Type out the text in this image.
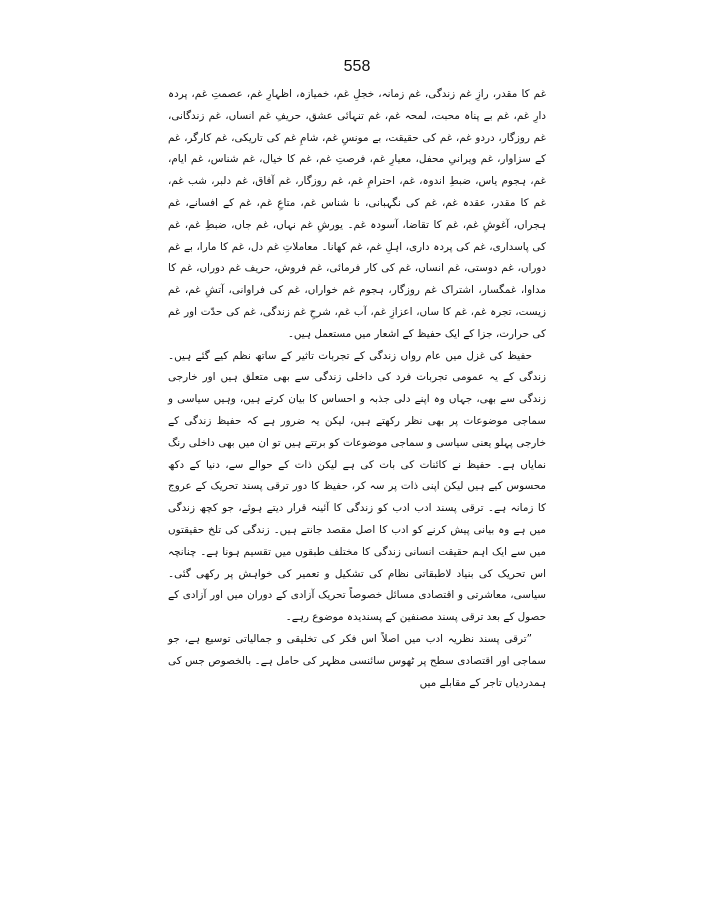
558

غم کا مقدر، رازِ غم زندگی، غم زمانہ، خجلِ غم، خمیازہ، اظہارِ غم، عصمتِ غم، پردہ دارِ غم، غم بے پناہ محبت، لمحہ غم، غم تنہائی عشق، حریفِ غم انساں، غم زندگانی، غم روزگار، دردو غم، غم کی حقیقت، بے مونسِ غم، شامِ غم کی تاریکی، غم کارگر، غم کے سزاوار، غم ویرانیِ محفل، معیارِ غم، فرصتِ غم، غم کا خیال، غم شناس، غم ایام، غم، ہجوم یاس، ضبطِ اندوہ، غم، احترامِ غم، غم روزگار، غم آفاق، غم دلبر، شب غم، غم کا مقدر، عقدہ غم، غم کی نگہبانی، نا شناس غم، متاعِ غم، غم کے افسانے، غم ہجراں، آغوشِ غم، غم کا تقاضا، آسودہ غم۔ یورشِ غم نہاں، غم جاں، ضبطِ غم، غم کی پاسداری، غم کی پردہ داری، اہلِ غم، غم کھانا۔ معاملاتِ غم دل، غم کا مارا، بے غم دوراں، غم دوستی، غم انساں، غم کی کار فرمائی، غم فروش، حریف غم دوراں، غم کا مداوا، غمگسار، اشتراک غم روزگار، ہجوم غم خواراں، غم کی فراوانی، آتشِ غم، غم زیست، تجرہ غم، غم کا ساں، اعزازِ غم، آب غم، شرحِ غم زندگی، غم کی حدّت اور غم کی حرارت، جزا کے ایک حفیظ کے اشعار میں مستعمل ہیں۔

حفیظ کی غزل میں عام رواں زندگی کے تجربات تاثیر کے ساتھ نظم کیے گئے ہیں۔ زندگی کے یہ عمومی تجربات فرد کی داخلی زندگی سے بھی متعلق ہیں اور خارجی زندگی سے بھی، جہاں وہ اپنے دلی جذبہ و احساس کا بیان کرتے ہیں، وہیں سیاسی و سماجی موضوعات پر بھی نظر رکھتے ہیں، لیکن یہ ضرور ہے کہ حفیظ زندگی کے خارجی پہلو یعنی سیاسی و سماجی موضوعات کو برتتے ہیں تو ان میں بھی داخلی رنگ نمایاں ہے۔ حفیظ نے کائنات کی بات کی ہے لیکن ذات کے حوالے سے، دنیا کے دکھ محسوس کیے ہیں لیکن اپنی ذات پر سہ کر، حفیظ کا دور ترقی پسند تحریک کے عروج کا زمانہ ہے۔ ترقی پسند ادب ادب کو زندگی کا آئینہ قرار دیتے ہوئے، جو کچھ زندگی میں ہے وہ بیانی پیش کرنے کو ادب کا اصل مقصد جانتے ہیں۔ زندگی کی تلخ حقیقتوں میں سے ایک اہم حقیقت انسانی زندگی کا مختلف طبقوں میں تقسیم ہونا ہے۔ چنانچہ اس تحریک کی بنیاد لاطبقاتی نظام کی تشکیل و تعمیر کی خواہش پر رکھی گئی۔ سیاسی، معاشرتی و اقتصادی مسائل خصوصاً تحریک آزادی کے دوران میں اور آزادی کے حصول کے بعد ترقی پسند مصنفین کے پسندیدہ موضوع رہے۔

”ترقی پسند نظریہ ادب میں اصلاً اس فکر کی تخلیقی و جمالیاتی توسیع ہے، جو سماجی اور اقتصادی سطح پر ٹھوس سائنسی مظہر کی حامل ہے۔ بالخصوص جس کی ہمدردیاں تاجر کے مقابلے میں
